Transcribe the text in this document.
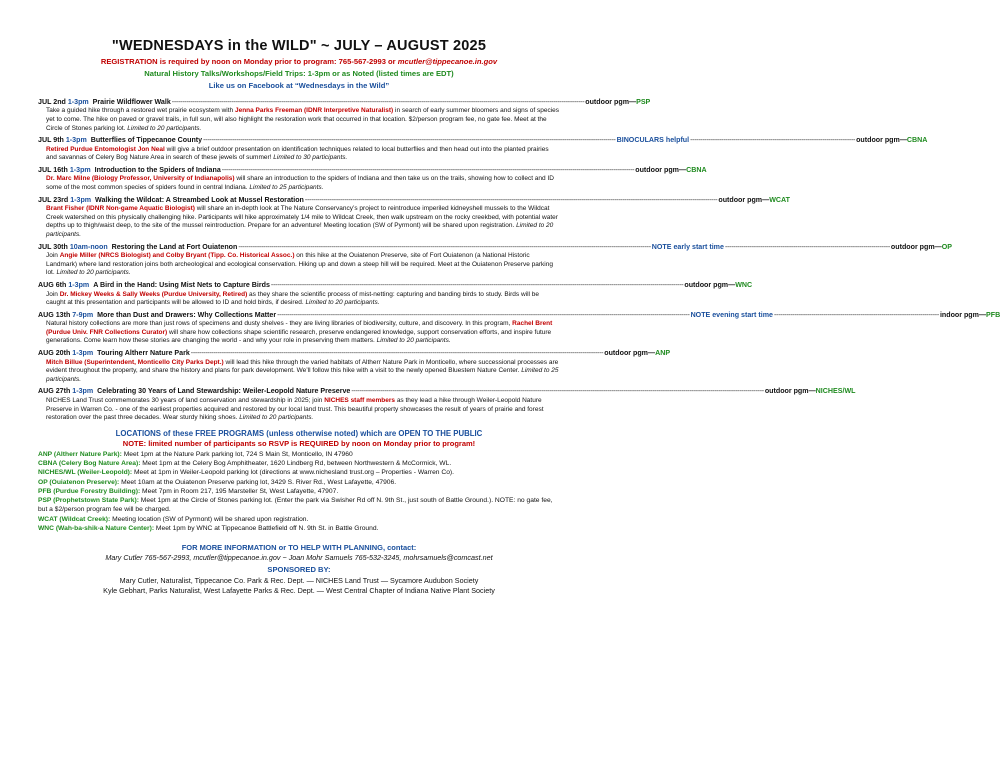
"WEDNESDAYS in the WILD" ~ JULY – AUGUST 2025
REGISTRATION is required by noon on Monday prior to program: 765-567-2993 or mcutler@tippecanoe.in.gov
Natural History Talks/Workshops/Field Trips: 1-3pm or as Noted (listed times are EDT)
Like us on Facebook at “Wednesdays in the Wild”
JUL 2nd 1-3pm Prairie Wildflower Walk -------------------------------------------------------------------------------------------------------------------------------------------------------------------------------------------------------- outdoor pgm— PSP
Take a guided hike through a restored wet prairie ecosystem with Jenna Parks Freeman (IDNR Interpretive Naturalist) in search of early summer bloomers and signs of species yet to come. The hike on paved or gravel trails, in full sun, will also highlight the restoration work that occurred in that location. $2/person program fee, no gate fee. Meet at the Circle of Stones parking lot. Limited to 20 participants.
JUL 9th 1-3pm Butterflies of Tippecanoe County -------------------------------------------------------------------------------------------------------------------------------------------------------------------------------------------------------- BINOCULARS helpful -------------------------------------------------------------------------------- outdoor pgm— CBNA
Retired Purdue Entomologist Jon Neal will give a brief outdoor presentation on identification techniques related to local butterflies and then head out into the planted prairies and savannas of Celery Bog Nature Area in search of these jewels of summer! Limited to 30 participants.
JUL 16th 1-3pm Introduction to the Spiders of Indiana -------------------------------------------------------------------------------------------------------------------------------------------------------------------------------------------------------- outdoor pgm— CBNA
Dr. Marc Milne (Biology Professor, University of Indianapolis) will share an introduction to the spiders of Indiana and then take us on the trails, showing how to collect and ID some of the most common species of spiders found in central Indiana. Limited to 25 participants.
JUL 23rd 1-3pm Walking the Wildcat: A Streambed Look at Mussel Restoration -------------------------------------------------------------------------------------------------------------------------------------------------------------------------------------------------------- outdoor pgm— WCAT
Brant Fisher (IDNR Non-game Aquatic Biologist) will share an in-depth look at The Nature Conservancy’s project to reintroduce imperiled kidneyshell mussels to the Wildcat Creek watershed on this physically challenging hike. Participants will hike approximately 1/4 mile to Wildcat Creek, then walk upstream on the rocky creekbed, with potential water depths up to thigh/waist deep, to the site of the mussel reintroduction. Prepare for an adventure! Meeting location (SW of Pyrmont) will be shared upon registration. Limited to 20 participants.
JUL 30th 10am-noon Restoring the Land at Fort Ouiatenon -------------------------------------------------------------------------------------------------------------------------------------------------------------------------------------------------------- NOTE early start time -------------------------------------------------------------------------------- outdoor pgm— OP
Join Angie Miller (NRCS Biologist) and Colby Bryant (Tipp. Co. Historical Assoc.) on this hike at the Ouiatenon Preserve, site of Fort Ouiatenon (a National Historic Landmark) where land restoration joins both archeological and ecological conservation. Hiking up and down a steep hill will be required. Meet at the Ouiatenon Preserve parking lot. Limited to 20 participants.
AUG 6th 1-3pm A Bird in the Hand: Using Mist Nets to Capture Birds -------------------------------------------------------------------------------------------------------------------------------------------------------------------------------------------------------- outdoor pgm— WNC
Join Dr. Mickey Weeks & Sally Weeks (Purdue University, Retired) as they share the scientific process of mist-netting: capturing and banding birds to study. Birds will be caught at this presentation and participants will be allowed to ID and hold birds, if desired. Limited to 20 participants.
AUG 13th 7-9pm More than Dust and Drawers: Why Collections Matter -------------------------------------------------------------------------------------------------------------------------------------------------------------------------------------------------------- NOTE evening start time -------------------------------------------------------------------------------- indoor pgm— PFB
Natural history collections are more than just rows of specimens and dusty shelves - they are living libraries of biodiversity, culture, and discovery. In this program, Rachel Brent (Purdue Univ. FNR Collections Curator) will share how collections shape scientific research, preserve endangered knowledge, support conservation efforts, and inspire future generations. Come learn how these stories are changing the world - and why your role in preserving them matters. Limited to 20 participants.
AUG 20th 1-3pm Touring Altherr Nature Park -------------------------------------------------------------------------------------------------------------------------------------------------------------------------------------------------------- outdoor pgm— ANP
Mitch Billue (Superintendent, Monticello City Parks Dept.) will lead this hike through the varied habitats of Altherr Nature Park in Monticello, where successional processes are evident throughout the property, and share the history and plans for park development. We’ll follow this hike with a visit to the newly opened Bluestem Nature Center. Limited to 25 participants.
AUG 27th 1-3pm Celebrating 30 Years of Land Stewardship: Weiler-Leopold Nature Preserve -------------------------------------------------------------------------------------------------------------------------------------------------------------------------------------------------------- outdoor pgm— NICHES/WL
NICHES Land Trust commemorates 30 years of land conservation and stewardship in 2025; join NICHES staff members as they lead a hike through Weiler-Leopold Nature Preserve in Warren Co. - one of the earliest properties acquired and restored by our local land trust. This beautiful property showcases the result of years of prairie and forest restoration over the past three decades. Wear sturdy hiking shoes. Limited to 20 participants.
LOCATIONS of these FREE PROGRAMS (unless otherwise noted) which are OPEN TO THE PUBLIC
NOTE: limited number of participants so RSVP is REQUIRED by noon on Monday prior to program!
ANP (Altherr Nature Park): Meet 1pm at the Nature Park parking lot, 724 S Main St, Monticello, IN 47960
CBNA (Celery Bog Nature Area): Meet 1pm at the Celery Bog Amphitheater, 1620 Lindberg Rd, between Northwestern & McCormick, WL.
NICHES/WL (Weiler-Leopold): Meet at 1pm in Weiler-Leopold parking lot (directions at www.nichesland trust.org – Properties - Warren Co).
OP (Ouiatenon Preserve): Meet 10am at the Ouiatenon Preserve parking lot, 3429 S. River Rd., West Lafayette, 47906.
PFB (Purdue Forestry Building): Meet 7pm in Room 217, 195 Marsteller St, West Lafayette, 47907.
PSP (Prophetstown State Park): Meet 1pm at the Circle of Stones parking lot. (Enter the park via Swisher Rd off N. 9th St., just south of Battle Ground.). NOTE: no gate fee, but a $2/person program fee will be charged.
WCAT (Wildcat Creek): Meeting location (SW of Pyrmont) will be shared upon registration.
WNC (Wah-ba-shik-a Nature Center): Meet 1pm by WNC at Tippecanoe Battlefield off N. 9th St. in Battle Ground.
FOR MORE INFORMATION or TO HELP WITH PLANNING, contact:
Mary Cutler 765-567-2993, mcutler@tippecanoe.in.gov ~ Joan Mohr Samuels 765-532-3245, mohrsamuels@comcast.net
SPONSORED BY:
Mary Cutler, Naturalist, Tippecanoe Co. Park & Rec. Dept. — NICHES Land Trust — Sycamore Audubon Society
Kyle Gebhart, Parks Naturalist, West Lafayette Parks & Rec. Dept. — West Central Chapter of Indiana Native Plant Society
